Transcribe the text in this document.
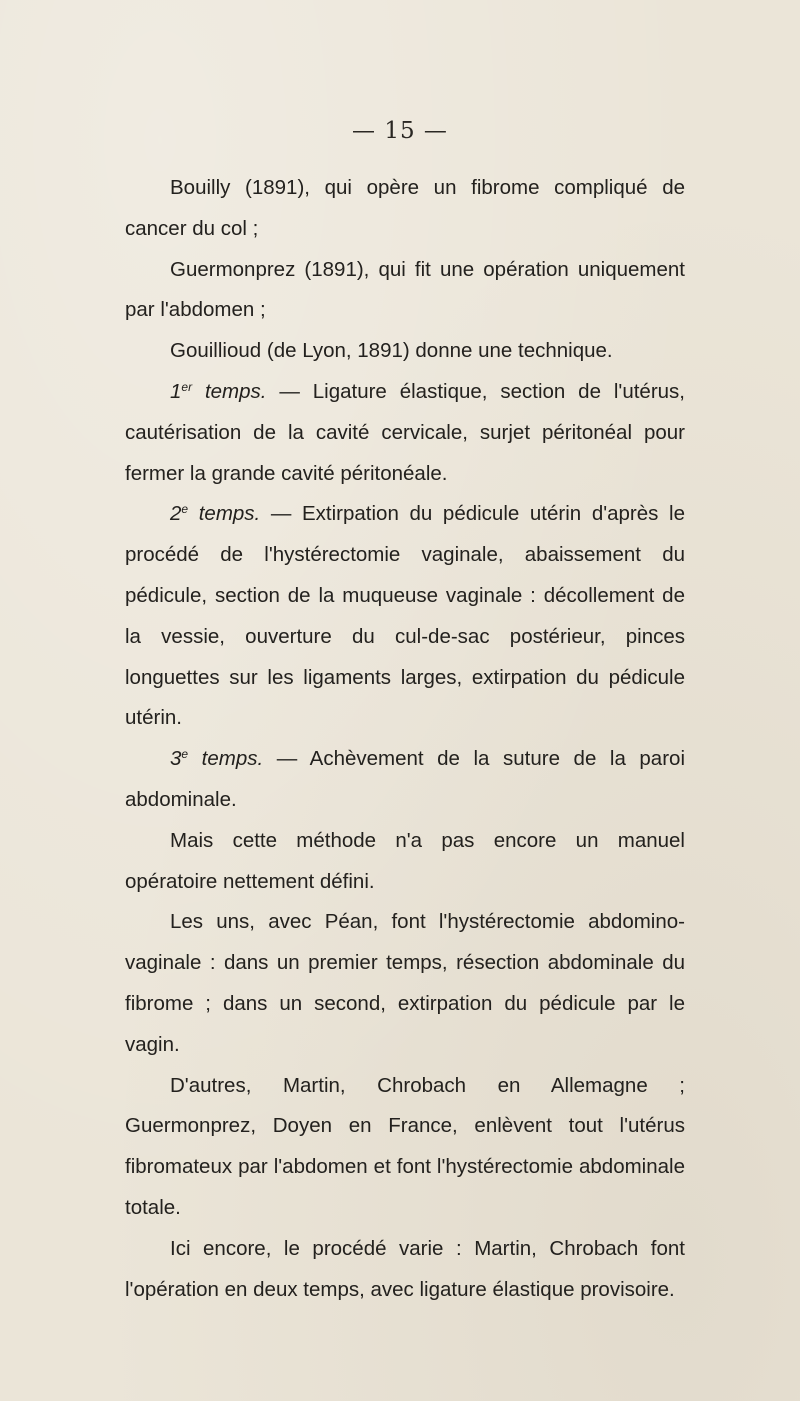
— 15 —

Bouilly (1891), qui opère un fibrome compliqué de cancer du col ;

Guermonprez (1891), qui fit une opération uniquement par l'abdomen ;

Gouillioud (de Lyon, 1891) donne une technique.

1er temps. — Ligature élastique, section de l'utérus, cautérisation de la cavité cervicale, surjet péritonéal pour fermer la grande cavité péritonéale.

2e temps. — Extirpation du pédicule utérin d'après le procédé de l'hystérectomie vaginale, abaissement du pédicule, section de la muqueuse vaginale : décollement de la vessie, ouverture du cul-de-sac postérieur, pinces longuettes sur les ligaments larges, extirpation du pédicule utérin.

3e temps. — Achèvement de la suture de la paroi abdominale.

Mais cette méthode n'a pas encore un manuel opératoire nettement défini.

Les uns, avec Péan, font l'hystérectomie abdomino-vaginale : dans un premier temps, résection abdominale du fibrome ; dans un second, extirpation du pédicule par le vagin.

D'autres, Martin, Chrobach en Allemagne ; Guermonprez, Doyen en France, enlèvent tout l'utérus fibromateux par l'abdomen et font l'hystérectomie abdominale totale.

Ici encore, le procédé varie : Martin, Chrobach font l'opération en deux temps, avec ligature élastique provisoire.
